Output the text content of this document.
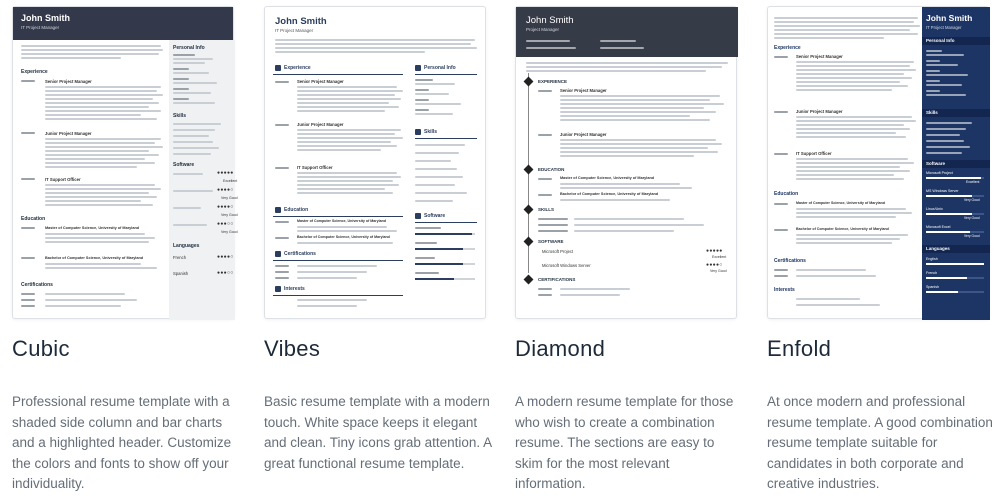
John Smith
IT Project Manager
Experience
Senior Project Manager
Junior Project Manager
IT Support Officer
Education
Master of Computer Science, University of Maryland
Bachelor of Computer Science, University of Maryland
Certifications
Personal Info
Skills
Software
●●●●●
Excellent
●●●●○
Very Good
●●●●○
Very Good
●●●○○
Very Good
Languages
French	●●●●○
Spanish	●●●○○
Cubic
Professional resume template with a shaded side column and bar charts and a highlighted header. Customize the colors and fonts to show off your individuality.
John Smith
IT Project Manager
Experience
Senior Project Manager
Junior Project Manager
IT Support Officer
Education
Master of Computer Science, University of Maryland
Bachelor of Computer Science, University of Maryland
Certifications
Interests
Personal Info
Skills
Software
Vibes
Basic resume template with a modern touch. White space keeps it elegant and clean. Tiny icons grab attention. A great functional resume template.
John Smith
Project Manager
EXPERIENCE
Senior Project Manager
Junior Project Manager
EDUCATION
Master of Computer Science, University of Maryland
Bachelor of Computer Science, University of Maryland
SKILLS
SOFTWARE
Microsoft Project	●●●●●
Excellent
Microsoft Windows Server	●●●●○
Very Good
CERTIFICATIONS
Diamond
A modern resume template for those who wish to create a combination resume. The sections are easy to skim for the most relevant information.
Experience
Senior Project Manager
Junior Project Manager
IT Support Officer
Education
Master of Computer Science, University of Maryland
Bachelor of Computer Science, University of Maryland
Certifications
Interests
John Smith
IT Project Manager
Personal Info
Skills
Software
Microsoft Project
Excellent
MS Windows Server
Very Good
Linux/Unix
Very Good
Microsoft Excel
Very Good
Languages
English
French
Spanish
Enfold
At once modern and professional resume template. A good combination resume template suitable for candidates in both corporate and creative industries.
